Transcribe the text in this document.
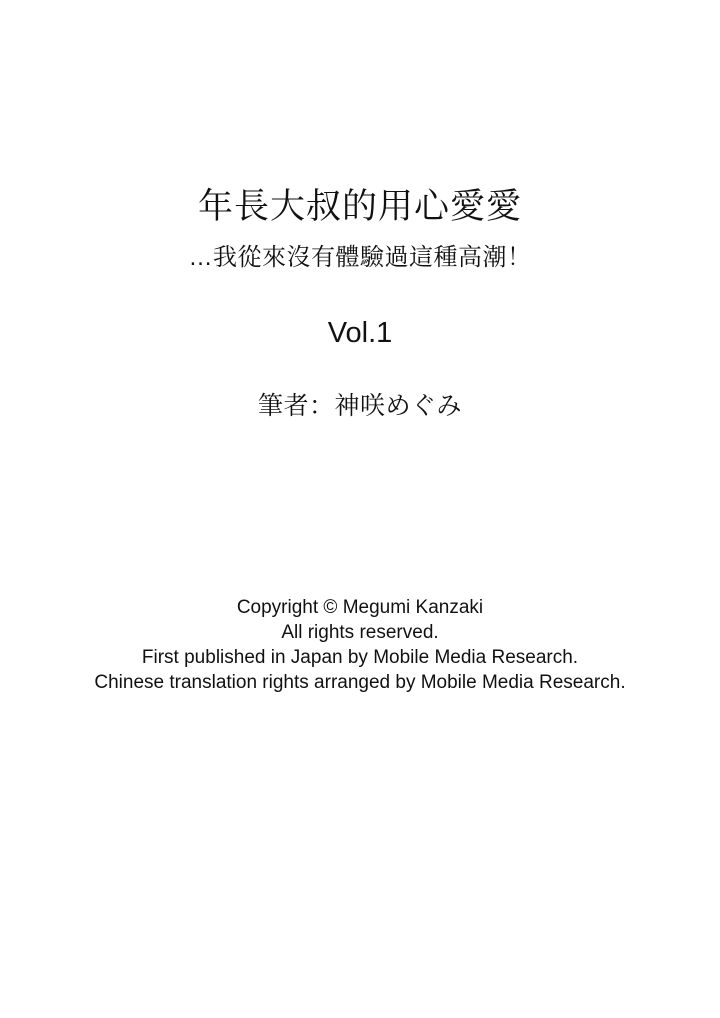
年長大叔的用心愛愛
…我從來沒有體驗過這種高潮！
Vol.1
筆者：神咲めぐみ
Copyright © Megumi Kanzaki
All rights reserved.
First published in Japan by Mobile Media Research.
Chinese translation rights arranged by Mobile Media Research.
